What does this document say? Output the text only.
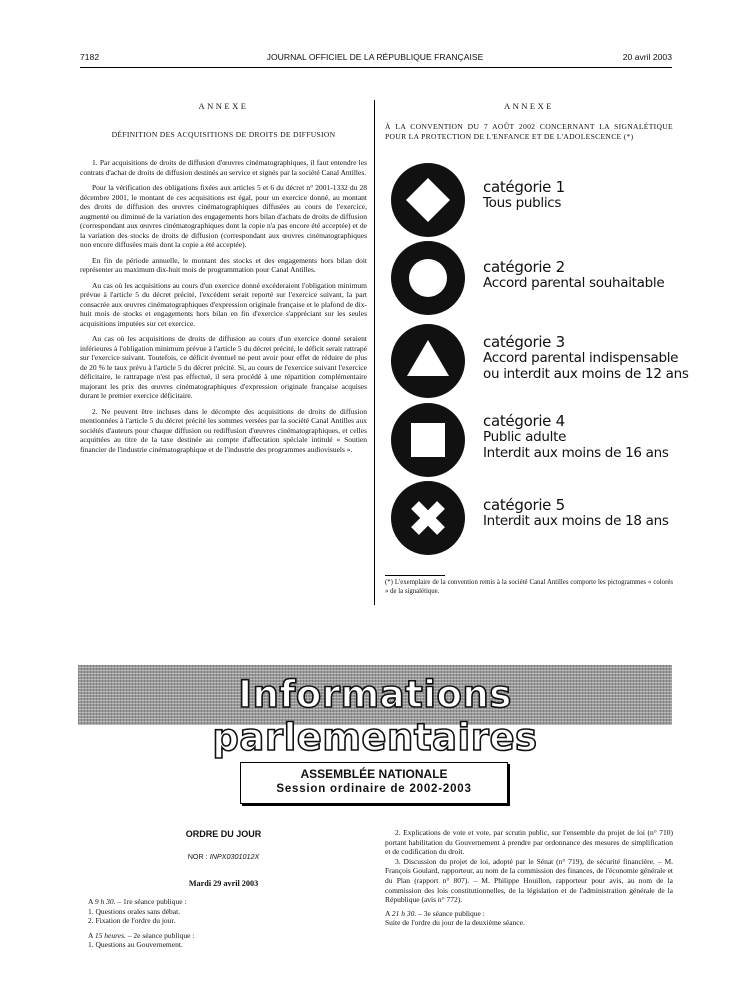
7182	JOURNAL OFFICIEL DE LA RÉPUBLIQUE FRANÇAISE	20 avril 2003
ANNEXE
DÉFINITION DES ACQUISITIONS DE DROITS DE DIFFUSION

1. Par acquisitions de droits de diffusion d'œuvres cinématographiques, il faut entendre les contrats d'achat de droits de diffusion destinés au service et signés par la société Canal Antilles.

Pour la vérification des obligations fixées aux articles 5 et 6 du décret n° 2001-1332 du 28 décembre 2001, le montant de ces acquisitions est égal, pour un exercice donné, au montant des droits de diffusion des œuvres cinématographiques diffusées au cours de l'exercice, augmenté ou diminué de la variation des engagements hors bilan d'achats de droits de diffusion (correspondant aux œuvres cinématographiques dont la copie n'a pas encore été acceptée) et de la variation des stocks de droits de diffusion (correspondant aux œuvres cinématographiques non encore diffusées mais dont la copie a été acceptée).

En fin de période annuelle, le montant des stocks et des engagements hors bilan doit représenter au maximum dix-huit mois de programmation pour Canal Antilles.

Au cas où les acquisitions au cours d'un exercice donné excéderaient l'obligation minimum prévue à l'article 5 du décret précité, l'excédent serait reporté sur l'exercice suivant, la part consacrée aux œuvres cinématographiques d'expression originale française et le plafond de dix-huit mois de stocks et engagements hors bilan en fin d'exercice s'appréciant sur les seules acquisitions imputées sur cet exercice.

Au cas où les acquisitions de droits de diffusion au cours d'un exercice donné seraient inférieures à l'obligation minimum prévue à l'article 5 du décret précité, le déficit serait rattrapé sur l'exercice suivant. Toutefois, ce déficit éventuel ne peut avoir pour effet de réduire de plus de 20 % le taux prévu à l'article 5 du décret précité. Si, au cours de l'exercice suivant l'exercice déficitaire, le rattrapage n'est pas effectué, il sera procédé à une répartition complémentaire majorant les prix des œuvres cinématographiques d'expression originale française acquises durant le premier exercice déficitaire.

2. Ne peuvent être incluses dans le décompte des acquisitions de droits de diffusion mentionnées à l'article 5 du décret précité les sommes versées par la société Canal Antilles aux sociétés d'auteurs pour chaque diffusion ou rediffusion d'œuvres cinématographiques, et celles acquittées au titre de la taxe destinée au compte d'affectation spéciale intitulé « Soutien financier de l'industrie cinématographique et de l'industrie des programmes audiovisuels ».

ANNEXE
À LA CONVENTION DU 7 AOÛT 2002 CONCERNANT LA SIGNALÉTIQUE POUR LA PROTECTION DE L'ENFANCE ET DE L'ADOLESCENCE (*)
catégorie 1
Tous publics
catégorie 2
Accord parental souhaitable
catégorie 3
Accord parental indispensable
ou interdit aux moins de 12 ans
catégorie 4
Public adulte
Interdit aux moins de 16 ans
catégorie 5
Interdit aux moins de 18 ans
(*) L'exemplaire de la convention remis à la société Canal Antilles comporte les pictogrammes « colorés » de la signalétique.
Informations parlementaires
ASSEMBLÉE NATIONALE
Session ordinaire de 2002-2003
ORDRE DU JOUR
NOR : INPX0301012X
Mardi 29 avril 2003
A 9 h 30. – 1re séance publique :
1. Questions orales sans débat.
2. Fixation de l'ordre du jour.
A 15 heures. – 2e séance publique :
1. Questions au Gouvernement.

2. Explications de vote et vote, par scrutin public, sur l'ensemble du projet de loi (n° 710) portant habilitation du Gouvernement à prendre par ordonnance des mesures de simplification et de codification du droit.

3. Discussion du projet de loi, adopté par le Sénat (n° 719), de sécurité financière. – M. François Goulard, rapporteur, au nom de la commission des finances, de l'économie générale et du Plan (rapport n° 807). – M. Philippe Houillon, rapporteur pour avis, au nom de la commission des lois constitutionnelles, de la législation et de l'administration générale de la République (avis n° 772).

A 21 h 30. – 3e séance publique :

Suite de l'ordre du jour de la deuxième séance.
